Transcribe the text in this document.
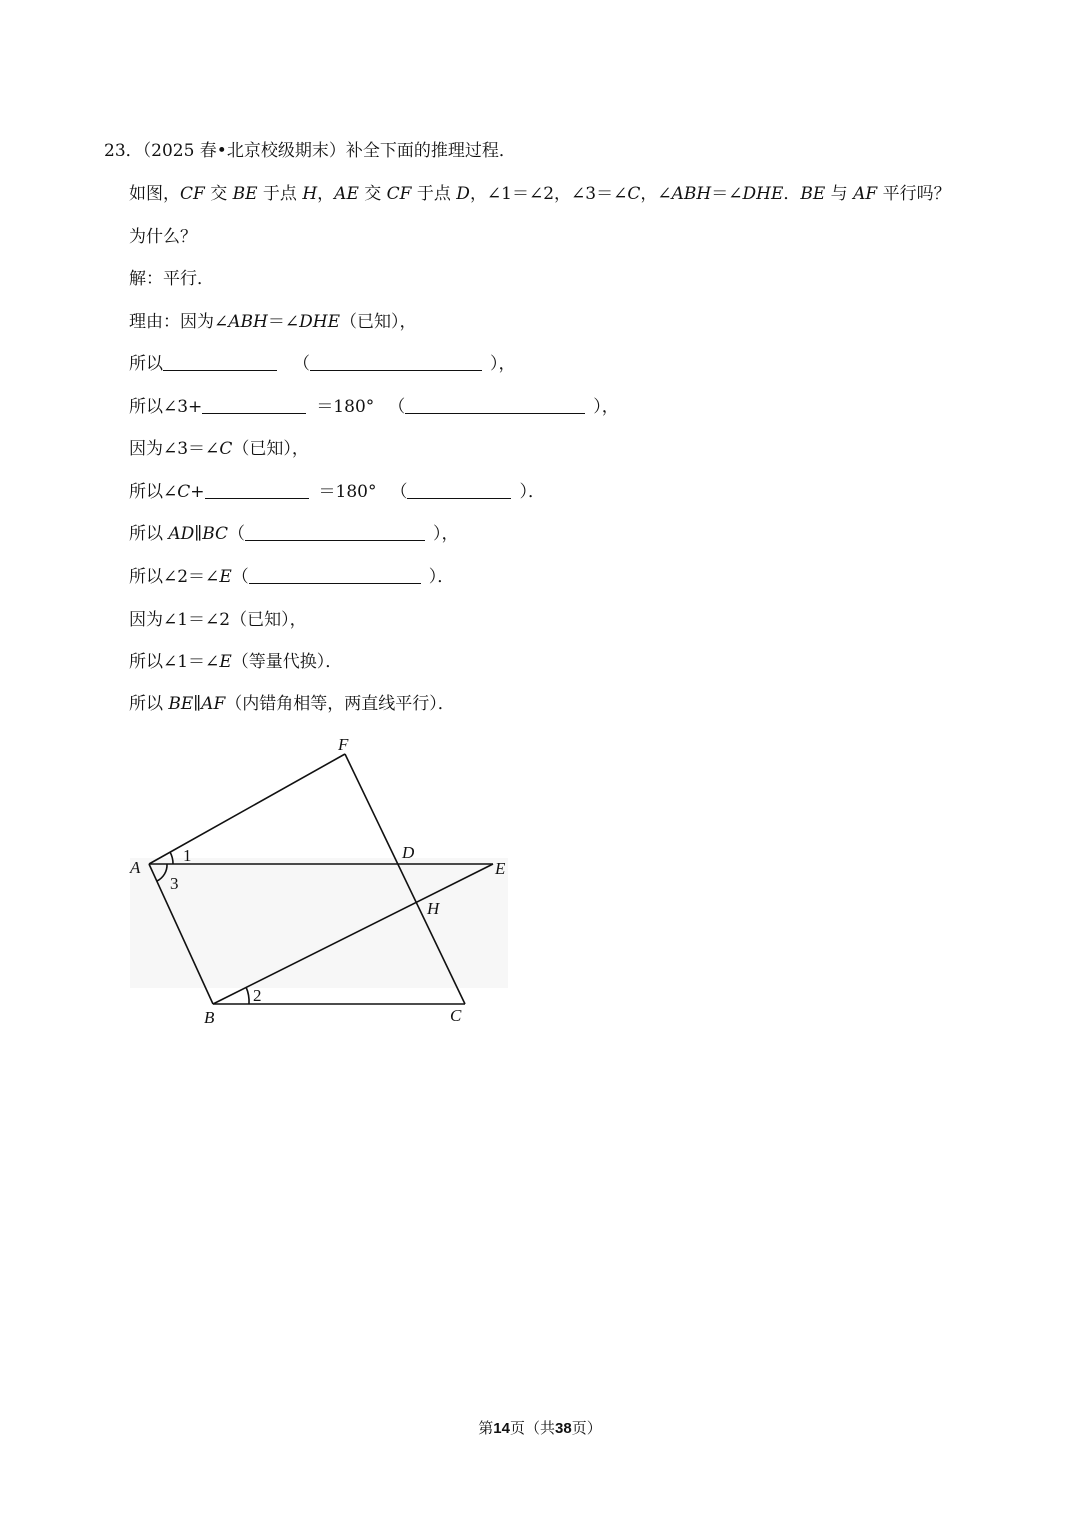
23．（2025 春•北京校级期末）补全下面的推理过程．
如图，CF 交 BE 于点 H，AE 交 CF 于点 D，∠1＝∠2，∠3＝∠C，∠ABH＝∠DHE．BE 与 AF 平行吗？
为什么？
解：平行．
理由：因为∠ABH＝∠DHE（已知），
所以	（	），
所以∠3+	＝180° （	），
因为∠3＝∠C（已知），
所以∠C+	＝180° （	）．
所以 AD∥BC（	），
所以∠2＝∠E（	）．
因为∠1＝∠2（已知），
所以∠1＝∠E（等量代换）．
所以 BE∥AF（内错角相等，两直线平行）．
F
A
D
E
H
B	C
1
3
2
第14页（共38页）
